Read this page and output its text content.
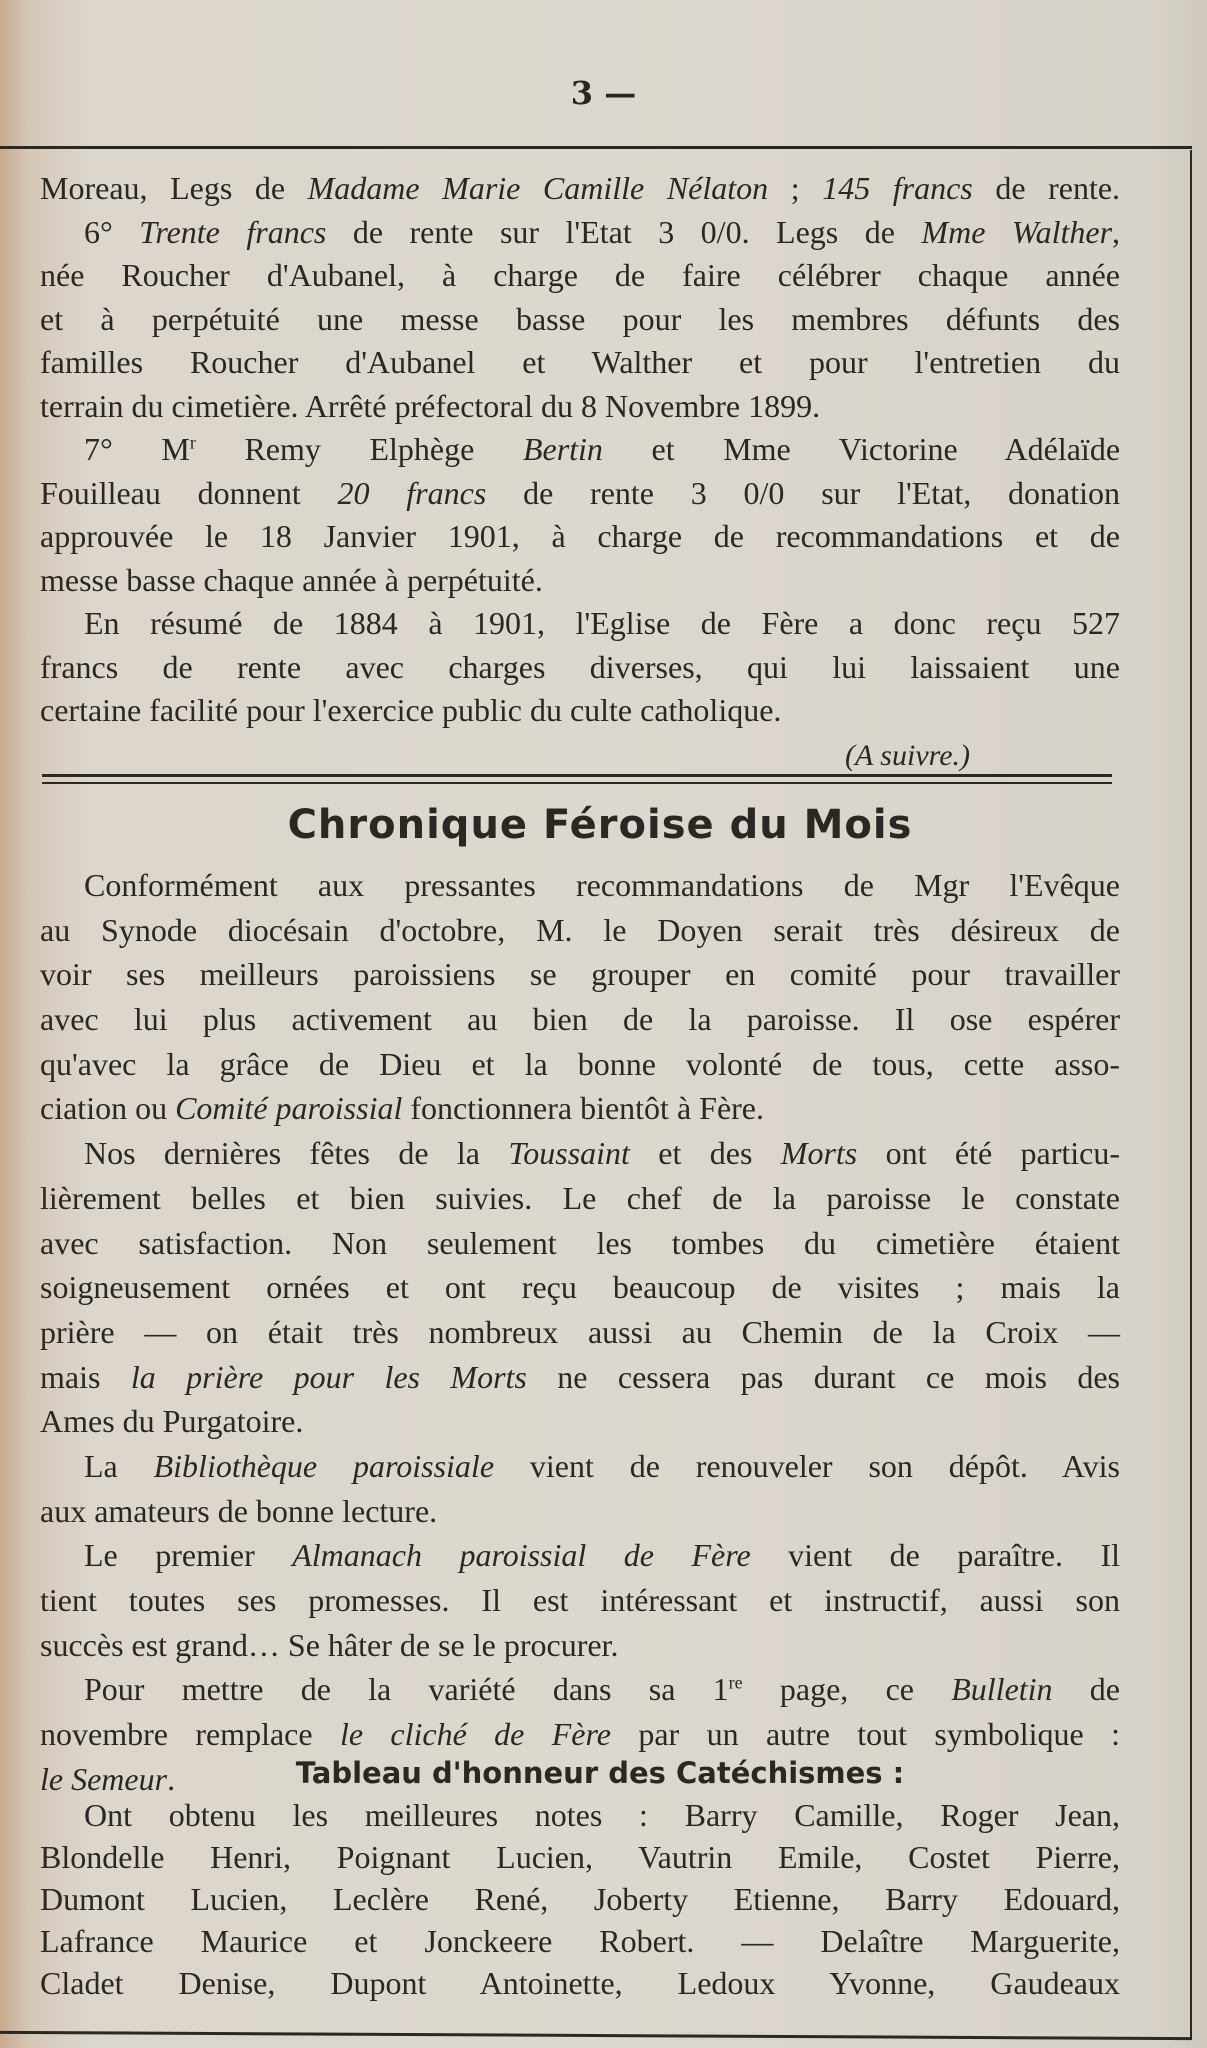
3 —
Moreau, Legs de Madame Marie Camille Nélaton ; 145 francs de rente.
6° Trente francs de rente sur l'Etat 3 0/0. Legs de Mme Walther,
née Roucher d'Aubanel, à charge de faire célébrer chaque année
et à perpétuité une messe basse pour les membres défunts des
familles Roucher d'Aubanel et Walther et pour l'entretien du
terrain du cimetière. Arrêté préfectoral du 8 Novembre 1899.
7° $M^r$ Remy Elphège Bertin et Mme Victorine Adélaïde
Fouilleau donnent 20 francs de rente 3 0/0 sur l'Etat, donation
approuvée le 18 Janvier 1901, à charge de recommandations et de
messe basse chaque année à perpétuité.
En résumé de 1884 à 1901, l'Eglise de Fère a donc reçu 527
francs de rente avec charges diverses, qui lui laissaient une
certaine facilité pour l'exercice public du culte catholique.
(A suivre.)
Chronique Féroise du Mois
Tableau d'honneur des Catéchismes :
Conformément aux pressantes recommandations de Mgr l'Evêque
au Synode diocésain d'octobre, M. le Doyen serait très désireux de
voir ses meilleurs paroissiens se grouper en comité pour travailler
avec lui plus activement au bien de la paroisse. Il ose espérer
qu'avec la grâce de Dieu et la bonne volonté de tous, cette asso-
ciation ou Comité paroissial fonctionnera bientôt à Fère.
Nos dernières fêtes de la Toussaint et des Morts ont été particu-
lièrement belles et bien suivies. Le chef de la paroisse le constate
avec satisfaction. Non seulement les tombes du cimetière étaient
soigneusement ornées et ont reçu beaucoup de visites ; mais la
prière — on était très nombreux aussi au Chemin de la Croix —
mais la prière pour les Morts ne cessera pas durant ce mois des
Ames du Purgatoire.
La Bibliothèque paroissiale vient de renouveler son dépôt. Avis
aux amateurs de bonne lecture.
Le premier Almanach paroissial de Fère vient de paraître. Il
tient toutes ses promesses. Il est intéressant et instructif, aussi son
succès est grand… Se hâter de se le procurer.
Pour mettre de la variété dans sa 1re page, ce Bulletin de
novembre remplace le cliché de Fère par un autre tout symbolique :
le Semeur.
Ont obtenu les meilleures notes : Barry Camille, Roger Jean,
Blondelle Henri, Poignant Lucien, Vautrin Emile, Costet Pierre,
Dumont Lucien, Leclère René, Joberty Etienne, Barry Edouard,
Lafrance Maurice et Jonckeere Robert. — Delaître Marguerite,
Cladet Denise, Dupont Antoinette, Ledoux Yvonne, Gaudeaux
